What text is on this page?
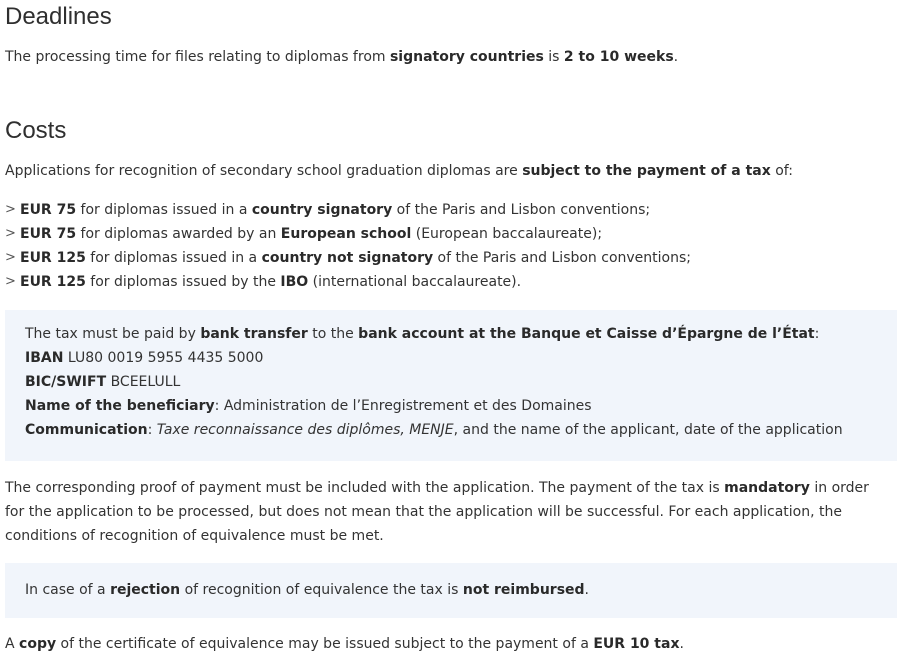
Deadlines

The processing time for files relating to diplomas from signatory countries is 2 to 10 weeks.

Costs

Applications for recognition of secondary school graduation diplomas are subject to the payment of a tax of:

> EUR 75 for diplomas issued in a country signatory of the Paris and Lisbon conventions;
> EUR 75 for diplomas awarded by an European school (European baccalaureate);
> EUR 125 for diplomas issued in a country not signatory of the Paris and Lisbon conventions;
> EUR 125 for diplomas issued by the IBO (international baccalaureate).

The tax must be paid by bank transfer to the bank account at the Banque et Caisse d’Épargne de l’État:

IBAN LU80 0019 5955 4435 5000

BIC/SWIFT BCEELULL

Name of the beneficiary: Administration de l’Enregistrement et des Domaines

Communication: Taxe reconnaissance des diplômes, MENJE, and the name of the applicant, date of the application

The corresponding proof of payment must be included with the application. The payment of the tax is mandatory in order for the application to be processed, but does not mean that the application will be successful. For each application, the conditions of recognition of equivalence must be met.

In case of a rejection of recognition of equivalence the tax is not reimbursed.

A copy of the certificate of equivalence may be issued subject to the payment of a EUR 10 tax.
